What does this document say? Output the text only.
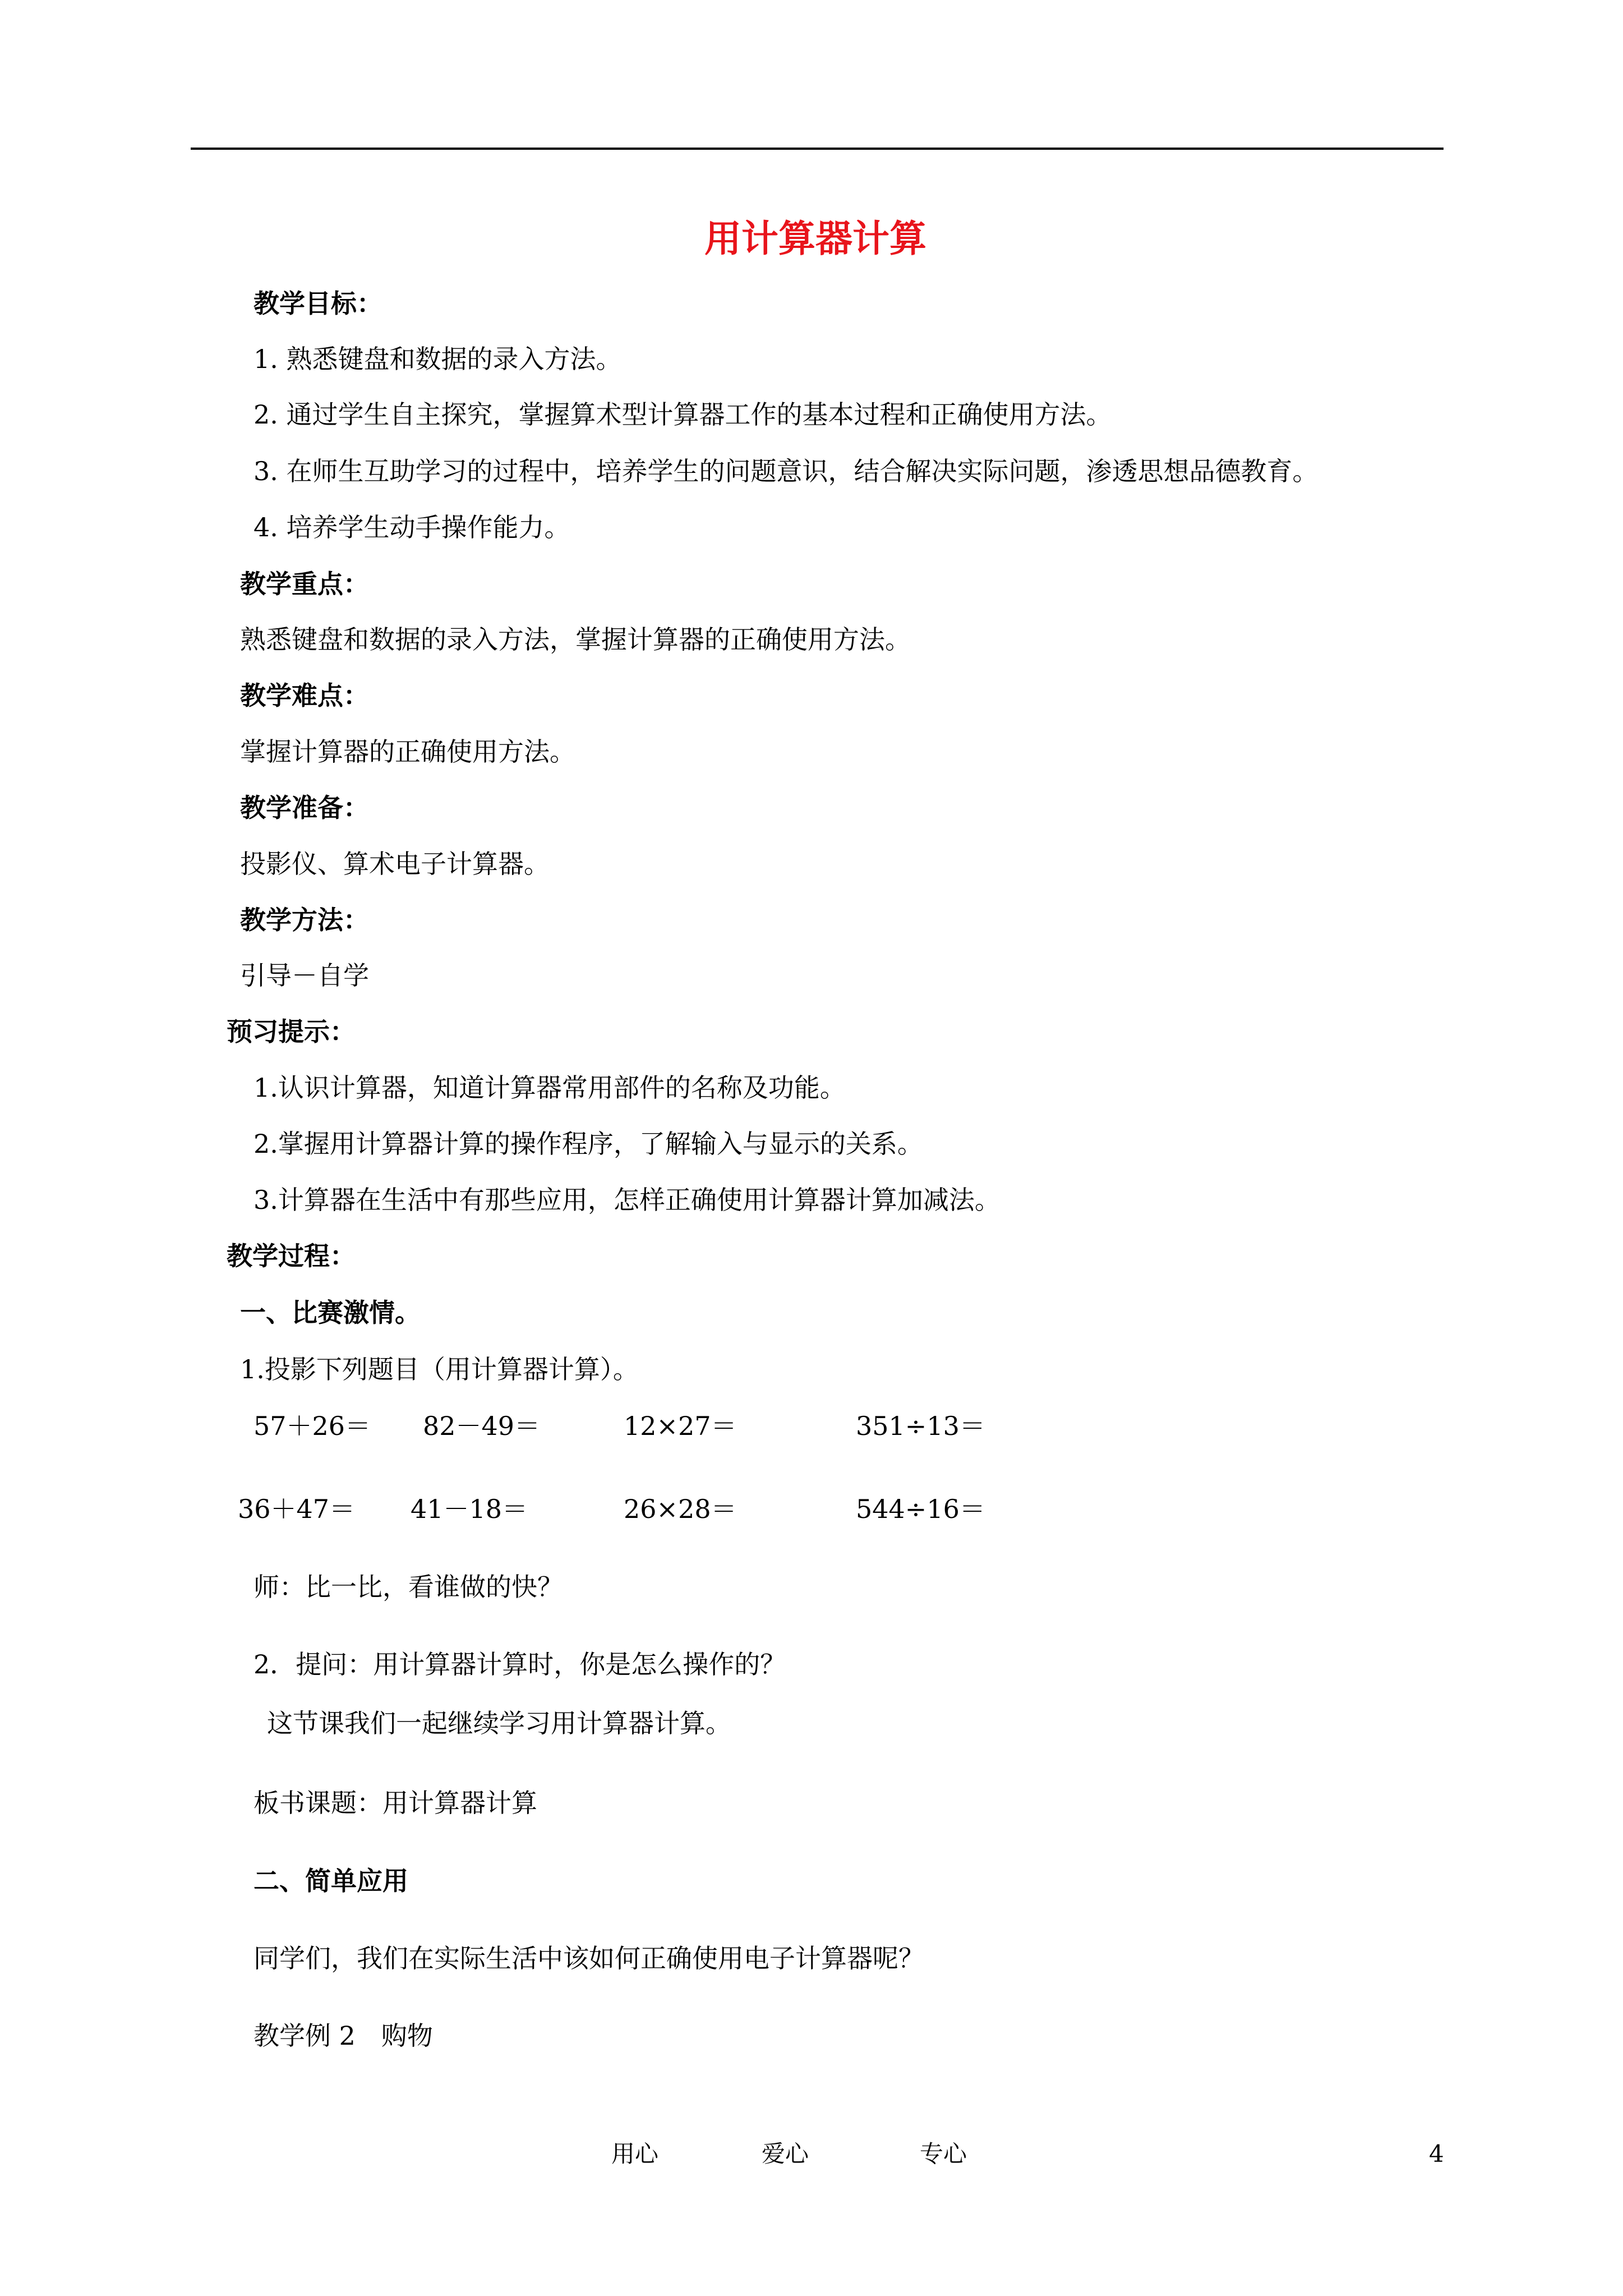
用计算器计算
教学目标：
1. 熟悉键盘和数据的录入方法。
2. 通过学生自主探究，掌握算术型计算器工作的基本过程和正确使用方法。
3. 在师生互助学习的过程中，培养学生的问题意识，结合解决实际问题，渗透思想品德教育。
4. 培养学生动手操作能力。
教学重点：
熟悉键盘和数据的录入方法，掌握计算器的正确使用方法。
教学难点：
掌握计算器的正确使用方法。
教学准备：
投影仪、算术电子计算器。
教学方法：
引导－自学
预习提示：
1.认识计算器，知道计算器常用部件的名称及功能。
2.掌握用计算器计算的操作程序，了解输入与显示的关系。
3.计算器在生活中有那些应用，怎样正确使用计算器计算加减法。
教学过程：
一、比赛激情。
1.投影下列题目（用计算器计算）。
57＋26＝ 82－49＝	12×27＝	351÷13＝
36＋47＝ 41－18＝	26×28＝	544÷16＝
师：比一比，看谁做的快？
2．提问：用计算器计算时，你是怎么操作的？
这节课我们一起继续学习用计算器计算。
板书课题：用计算器计算
二、简单应用
同学们，我们在实际生活中该如何正确使用电子计算器呢？
教学例 2　购物
用心	爱心	专心	4
